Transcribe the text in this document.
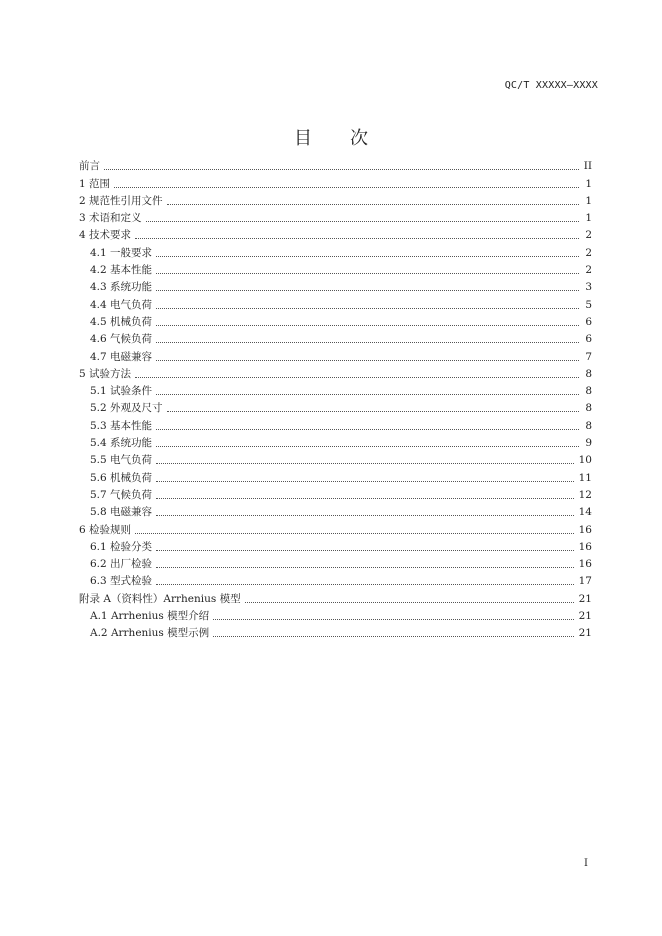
QC/T XXXXX—XXXX
目次
前言	II
1 范围	1
2 规范性引用文件	1
3 术语和定义	1
4 技术要求	2
4.1 一般要求	2
4.2 基本性能	2
4.3 系统功能	3
4.4 电气负荷	5
4.5 机械负荷	6
4.6 气候负荷	6
4.7 电磁兼容	7
5 试验方法	8
5.1 试验条件	8
5.2 外观及尺寸	8
5.3 基本性能	8
5.4 系统功能	9
5.5 电气负荷	10
5.6 机械负荷	11
5.7 气候负荷	12
5.8 电磁兼容	14
6 检验规则	16
6.1 检验分类	16
6.2 出厂检验	16
6.3 型式检验	17
附录 A（资料性）Arrhenius 模型	21
A.1 Arrhenius 模型介绍	21
A.2 Arrhenius 模型示例	21
I
